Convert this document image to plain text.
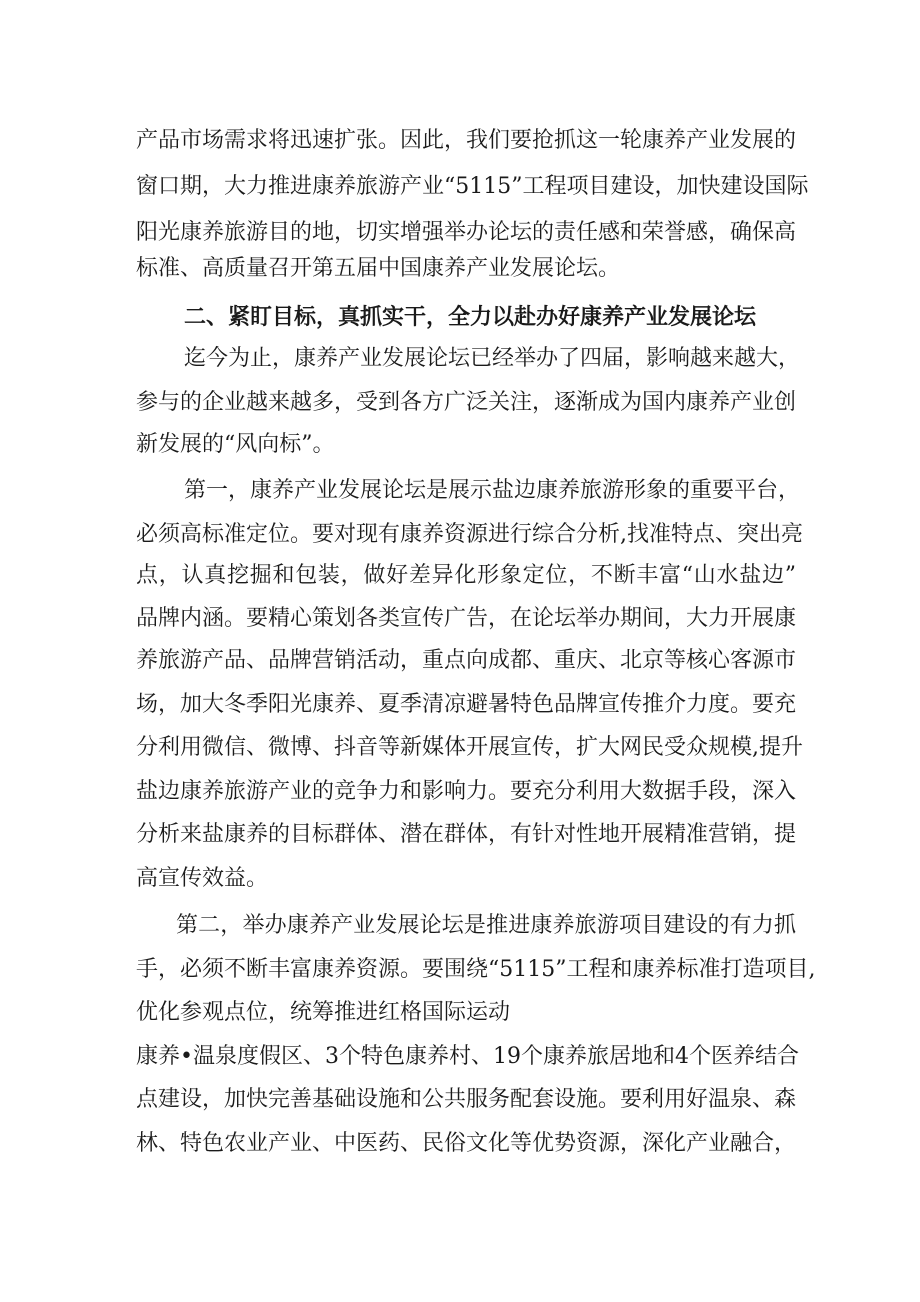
产品市场需求将迅速扩张。因此，我们要抢抓这一轮康养产业发展的
窗口期，大力推进康养旅游产业“5115”工程项目建设，加快建设国际
阳光康养旅游目的地，切实增强举办论坛的责任感和荣誉感，确保高
标准、高质量召开第五届中国康养产业发展论坛。
二、紧盯目标，真抓实干，全力以赴办好康养产业发展论坛
迄今为止，康养产业发展论坛已经举办了四届，影响越来越大，
参与的企业越来越多，受到各方广泛关注，逐渐成为国内康养产业创
新发展的“风向标”。
第一，康养产业发展论坛是展示盐边康养旅游形象的重要平台，
必须高标准定位。要对现有康养资源进行综合分析,找准特点、突出亮
点，认真挖掘和包装，做好差异化形象定位，不断丰富“山水盐边”
品牌内涵。要精心策划各类宣传广告，在论坛举办期间，大力开展康
养旅游产品、品牌营销活动，重点向成都、重庆、北京等核心客源市
场，加大冬季阳光康养、夏季清凉避暑特色品牌宣传推介力度。要充
分利用微信、微博、抖音等新媒体开展宣传，扩大网民受众规模,提升
盐边康养旅游产业的竞争力和影响力。要充分利用大数据手段，深入
分析来盐康养的目标群体、潜在群体，有针对性地开展精准营销，提
高宣传效益。
第二，举办康养产业发展论坛是推进康养旅游项目建设的有力抓
手，必须不断丰富康养资源。要围绕“5115”工程和康养标准打造项目,
优化参观点位，统筹推进红格国际运动
康养•温泉度假区、3个特色康养村、19个康养旅居地和4个医养结合
点建设，加快完善基础设施和公共服务配套设施。要利用好温泉、森
林、特色农业产业、中医药、民俗文化等优势资源，深化产业融合，
